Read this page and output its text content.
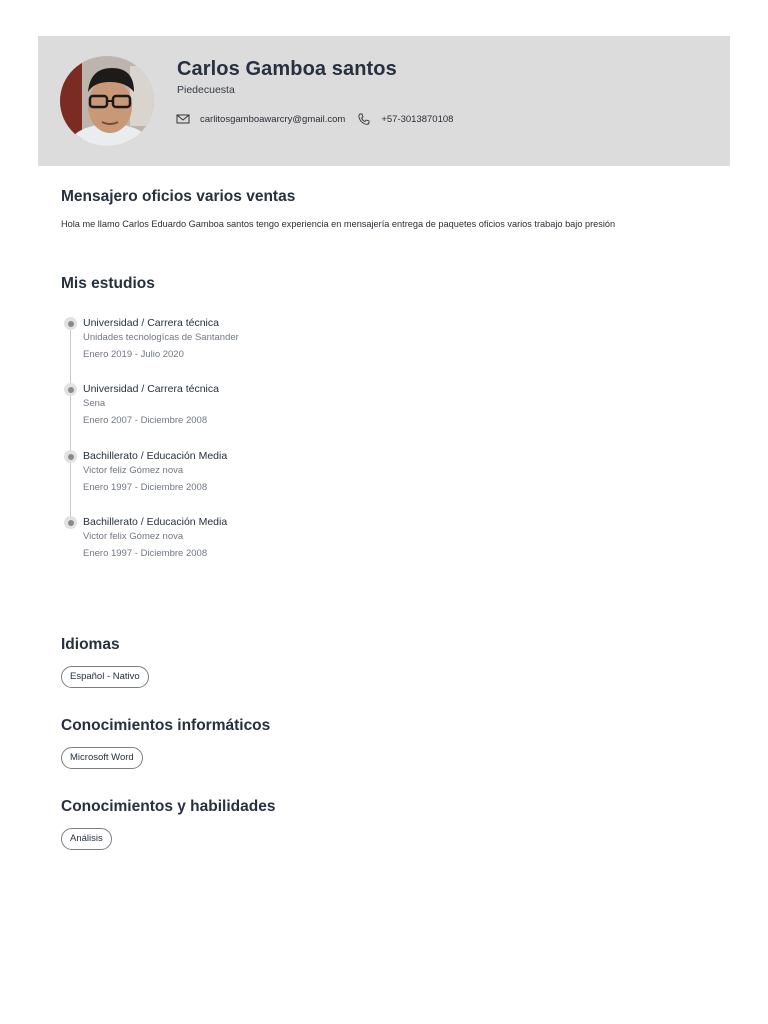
Carlos Gamboa santos
Piedecuesta
carlitosgamboawarcry@gmail.com	+57-3013870108
Mensajero oficios varios ventas
Hola me llamo Carlos Eduardo Gamboa santos tengo experiencia en mensajería entrega de paquetes oficios varios trabajo bajo presión
Mis estudios
Universidad / Carrera técnica
Unidades tecnologícas de Santander
Enero 2019 - Julio 2020
Universidad / Carrera técnica
Sena
Enero 2007 - Diciembre 2008
Bachillerato / Educación Media
Victor feliz Gómez nova
Enero 1997 - Diciembre 2008
Bachillerato / Educación Media
Victor felix Gómez nova
Enero 1997 - Diciembre 2008
Idiomas
Español - Nativo
Conocimientos informáticos
Microsoft Word
Conocimientos y habilidades
Análisis
